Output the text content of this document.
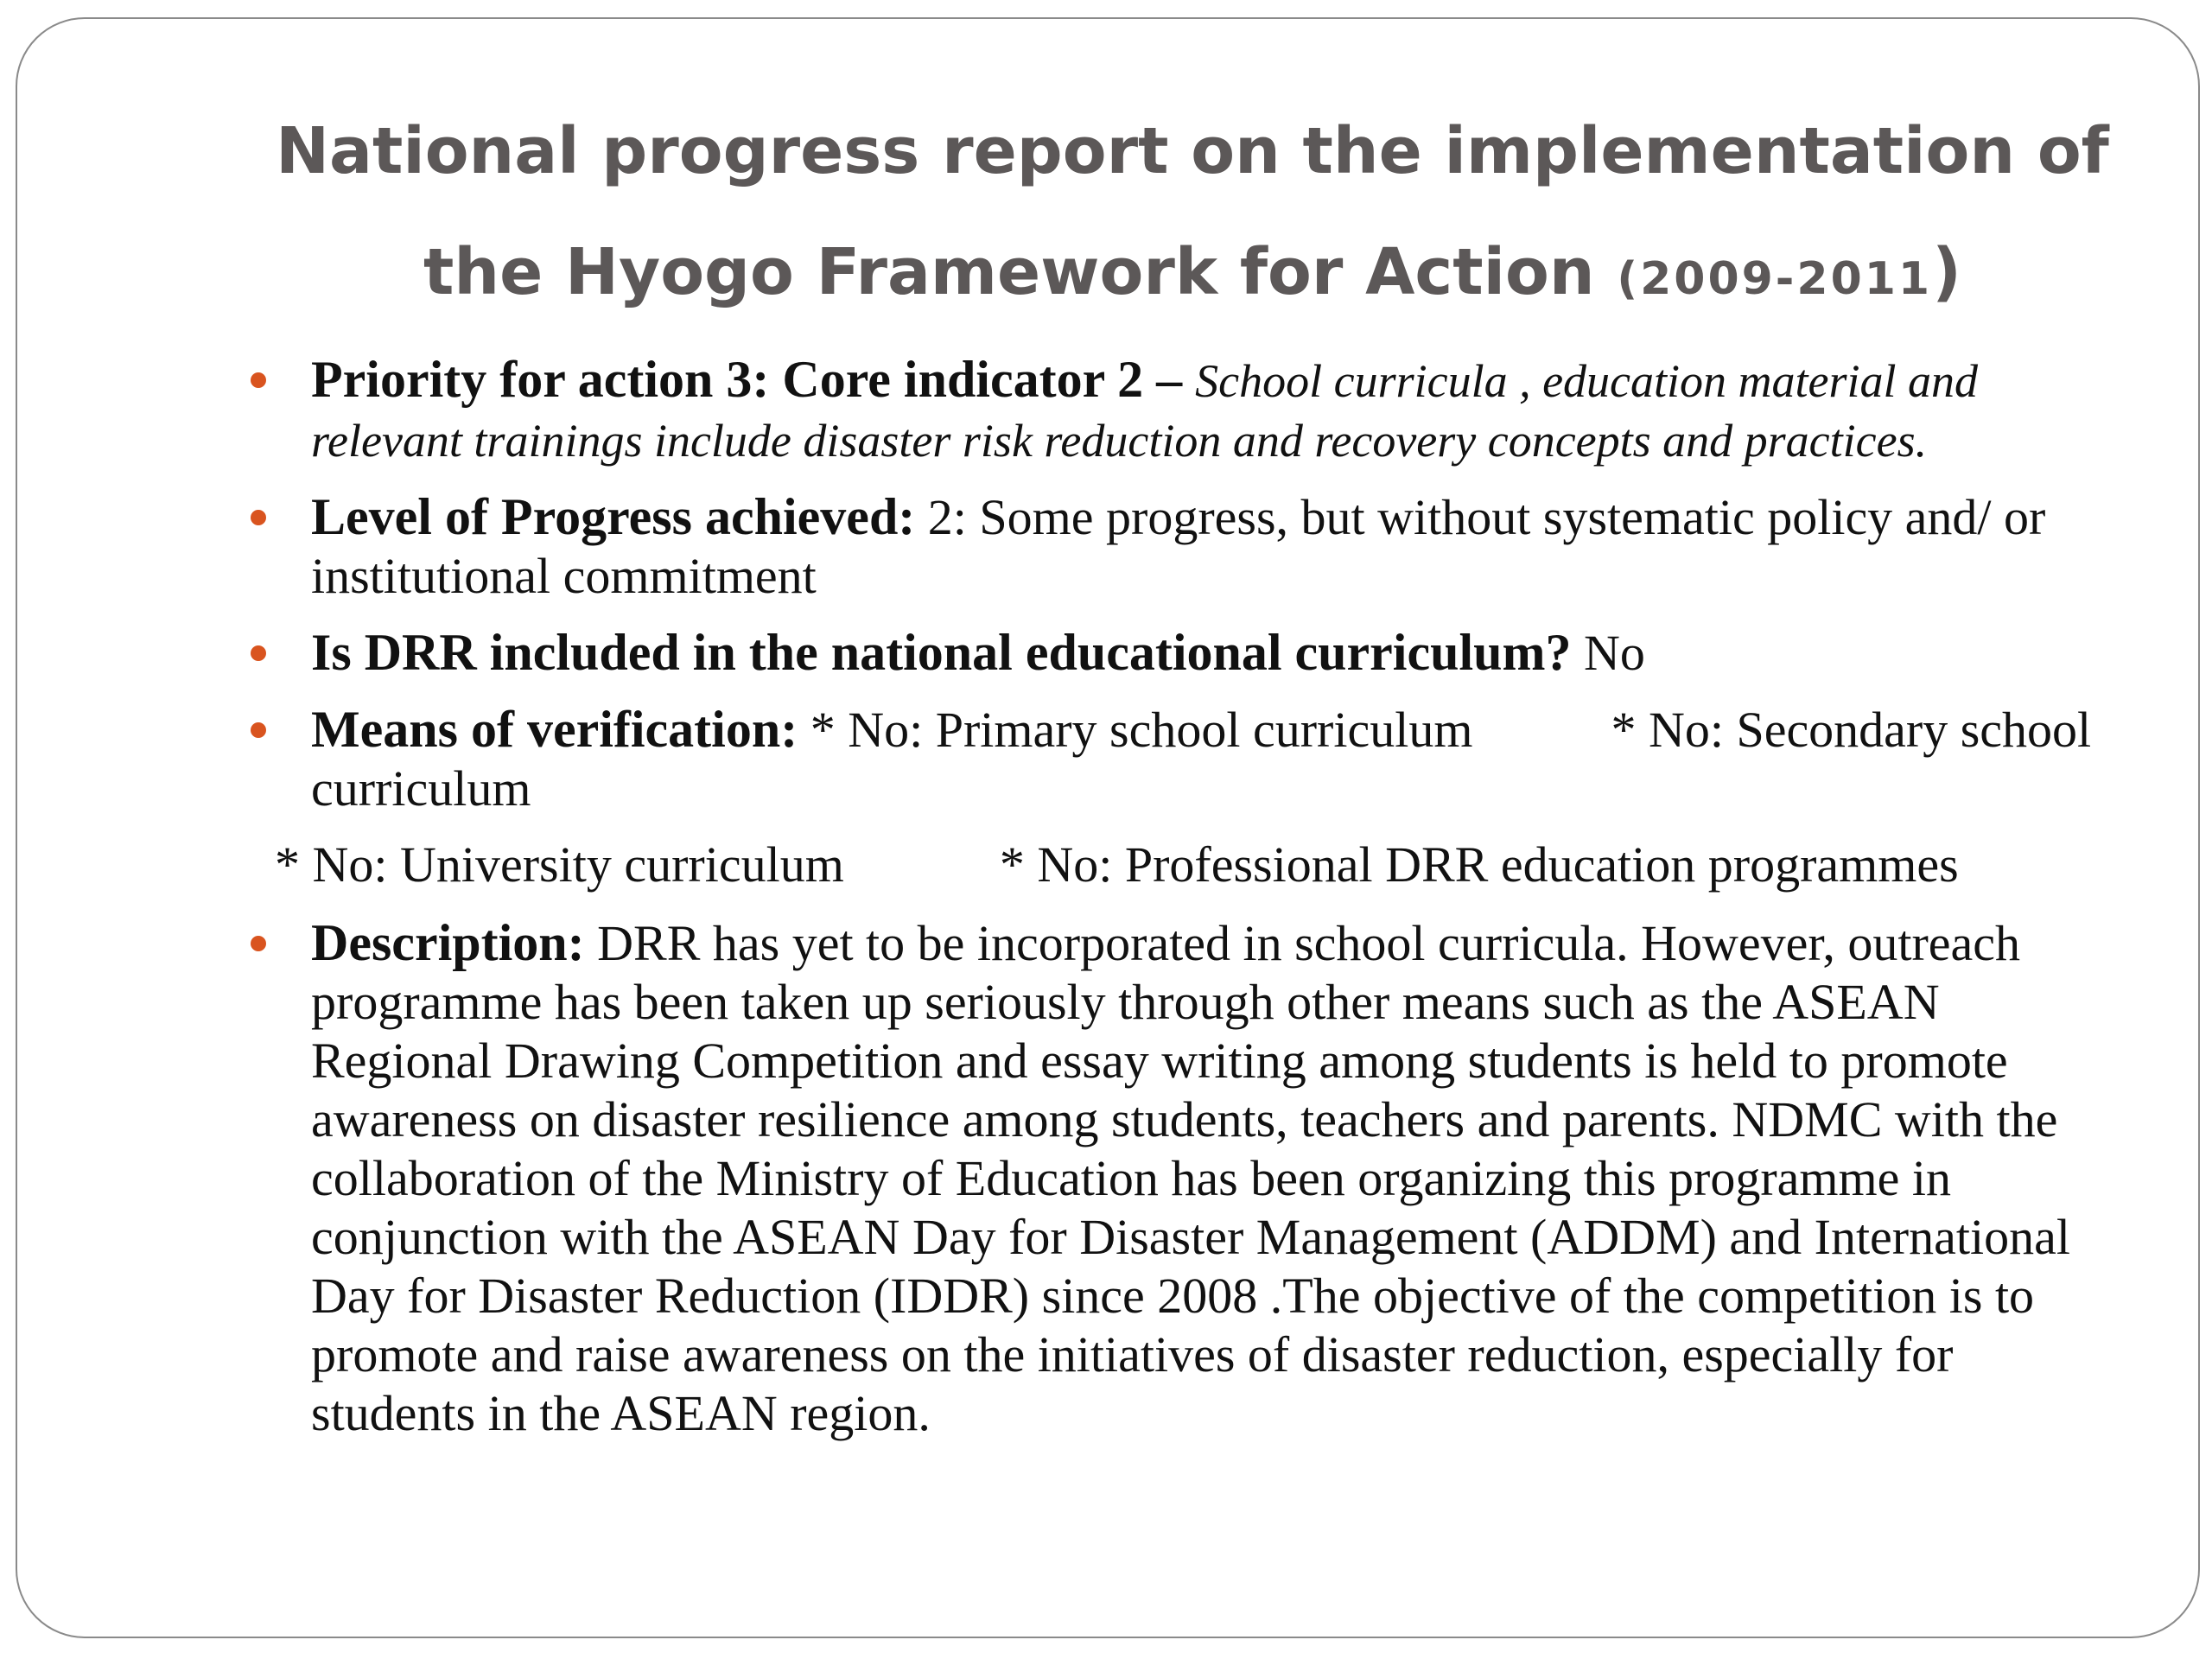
National progress report on the implementation of
the Hyogo Framework for Action (2009-2011)
Priority for action 3: Core indicator 2 – School curricula , education material and relevant trainings include disaster risk reduction and recovery concepts and practices.
Level of Progress achieved: 2: Some progress, but without systematic policy and/ or institutional commitment
Is DRR included in the national educational curriculum? No
Means of verification: * No: Primary school curriculum	* No: Secondary school curriculum
* No: University curriculum	* No: Professional DRR education programmes
Description: DRR has yet to be incorporated in school curricula. However, outreach programme has been taken up seriously through other means such as the ASEAN Regional Drawing Competition and essay writing among students is held to promote awareness on disaster resilience among students, teachers and parents. NDMC with the collaboration of the Ministry of Education has been organizing this programme in conjunction with the ASEAN Day for Disaster Management (ADDM) and International Day for Disaster Reduction (IDDR) since 2008 .The objective of the competition is to promote and raise awareness on the initiatives of disaster reduction, especially for students in the ASEAN region.
